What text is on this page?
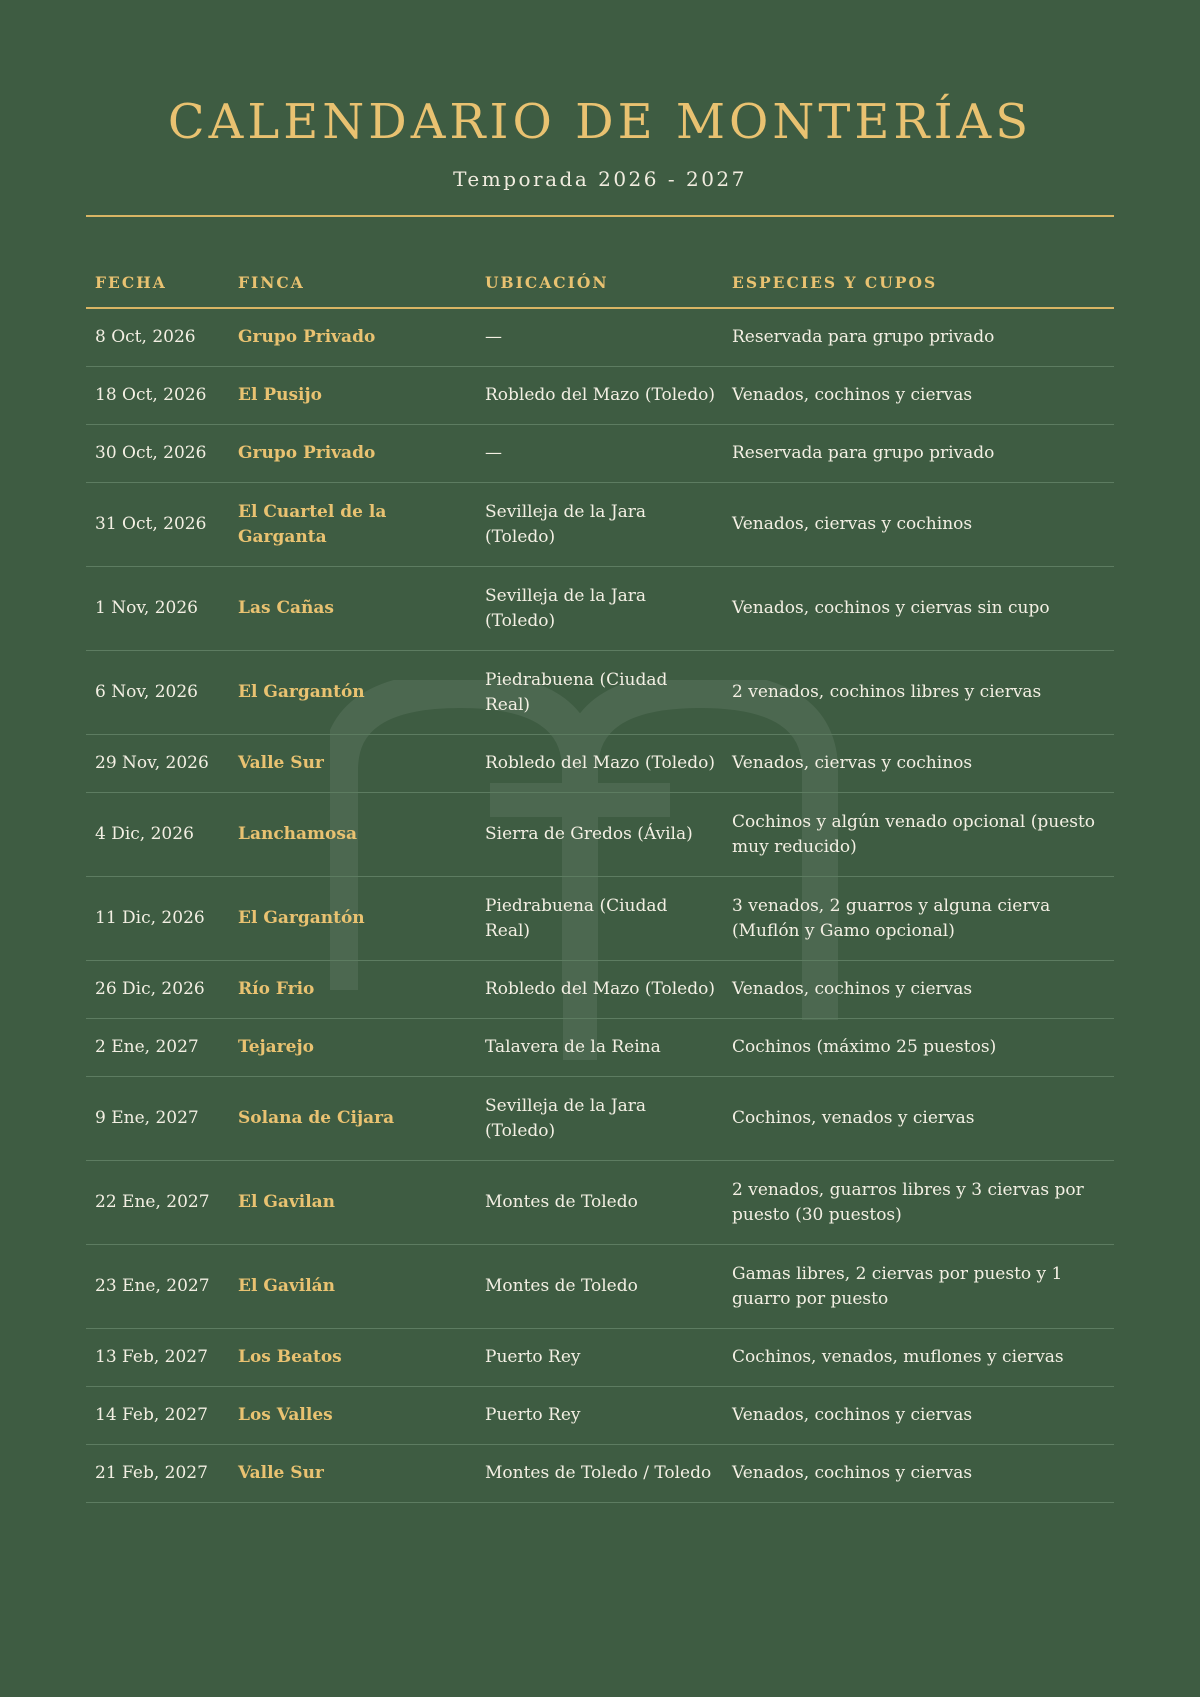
CALENDARIO DE MONTERÍAS
Temporada 2026 - 2027
FECHA	FINCA	UBICACIÓN	ESPECIES Y CUPOS
8 Oct, 2026	Grupo Privado	—	Reservada para grupo privado
18 Oct, 2026	El Pusijo	Robledo del Mazo (Toledo)	Venados, cochinos y ciervas
30 Oct, 2026	Grupo Privado	—	Reservada para grupo privado
31 Oct, 2026	El Cuartel de la Garganta	Sevilleja de la Jara (Toledo)	Venados, ciervas y cochinos
1 Nov, 2026	Las Cañas	Sevilleja de la Jara (Toledo)	Venados, cochinos y ciervas sin cupo
6 Nov, 2026	El Gargantón	Piedrabuena (Ciudad Real)	2 venados, cochinos libres y ciervas
29 Nov, 2026	Valle Sur	Robledo del Mazo (Toledo)	Venados, ciervas y cochinos
4 Dic, 2026	Lanchamosa	Sierra de Gredos (Ávila)	Cochinos y algún venado opcional (puesto muy reducido)
11 Dic, 2026	El Gargantón	Piedrabuena (Ciudad Real)	3 venados, 2 guarros y alguna cierva (Muflón y Gamo opcional)
26 Dic, 2026	Río Frio	Robledo del Mazo (Toledo)	Venados, cochinos y ciervas
2 Ene, 2027	Tejarejo	Talavera de la Reina	Cochinos (máximo 25 puestos)
9 Ene, 2027	Solana de Cijara	Sevilleja de la Jara (Toledo)	Cochinos, venados y ciervas
22 Ene, 2027	El Gavilan	Montes de Toledo	2 venados, guarros libres y 3 ciervas por puesto (30 puestos)
23 Ene, 2027	El Gavilán	Montes de Toledo	Gamas libres, 2 ciervas por puesto y 1 guarro por puesto
13 Feb, 2027	Los Beatos	Puerto Rey	Cochinos, venados, muflones y ciervas
14 Feb, 2027	Los Valles	Puerto Rey	Venados, cochinos y ciervas
21 Feb, 2027	Valle Sur	Montes de Toledo / Toledo	Venados, cochinos y ciervas
